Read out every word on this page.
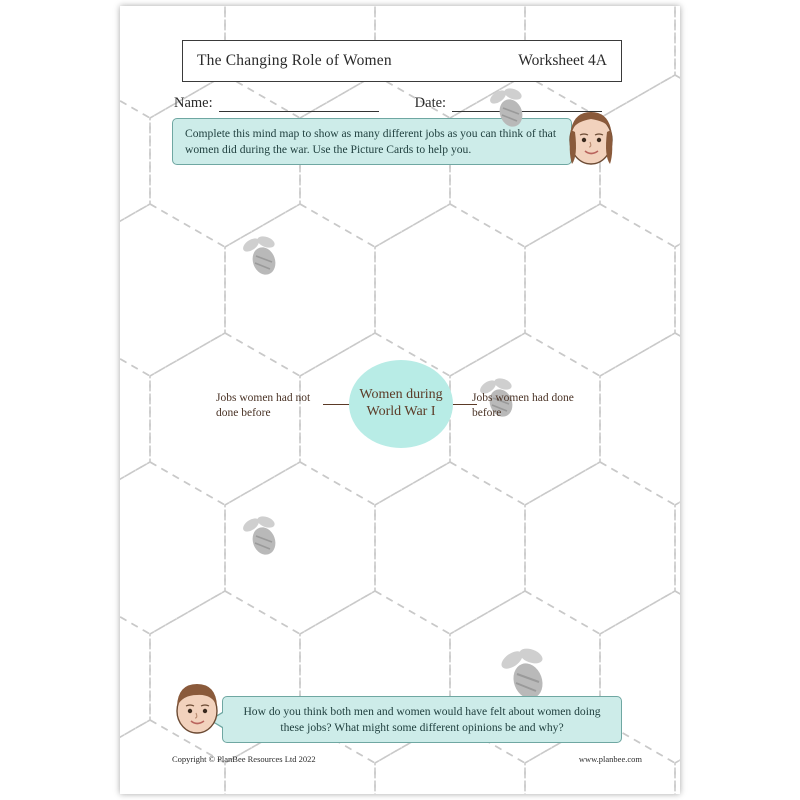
The Changing Role of Women	Worksheet 4A
Name:	Date:
Complete this mind map to show as many different jobs as you can think of that women did during the war. Use the Picture Cards to help you.
Jobs women had not done before
Jobs women had done before
Women during World War I
How do you think both men and women would have felt about women doing these jobs? What might some different opinions be and why?
Copyright © PlanBee Resources Ltd 2022	www.planbee.com
